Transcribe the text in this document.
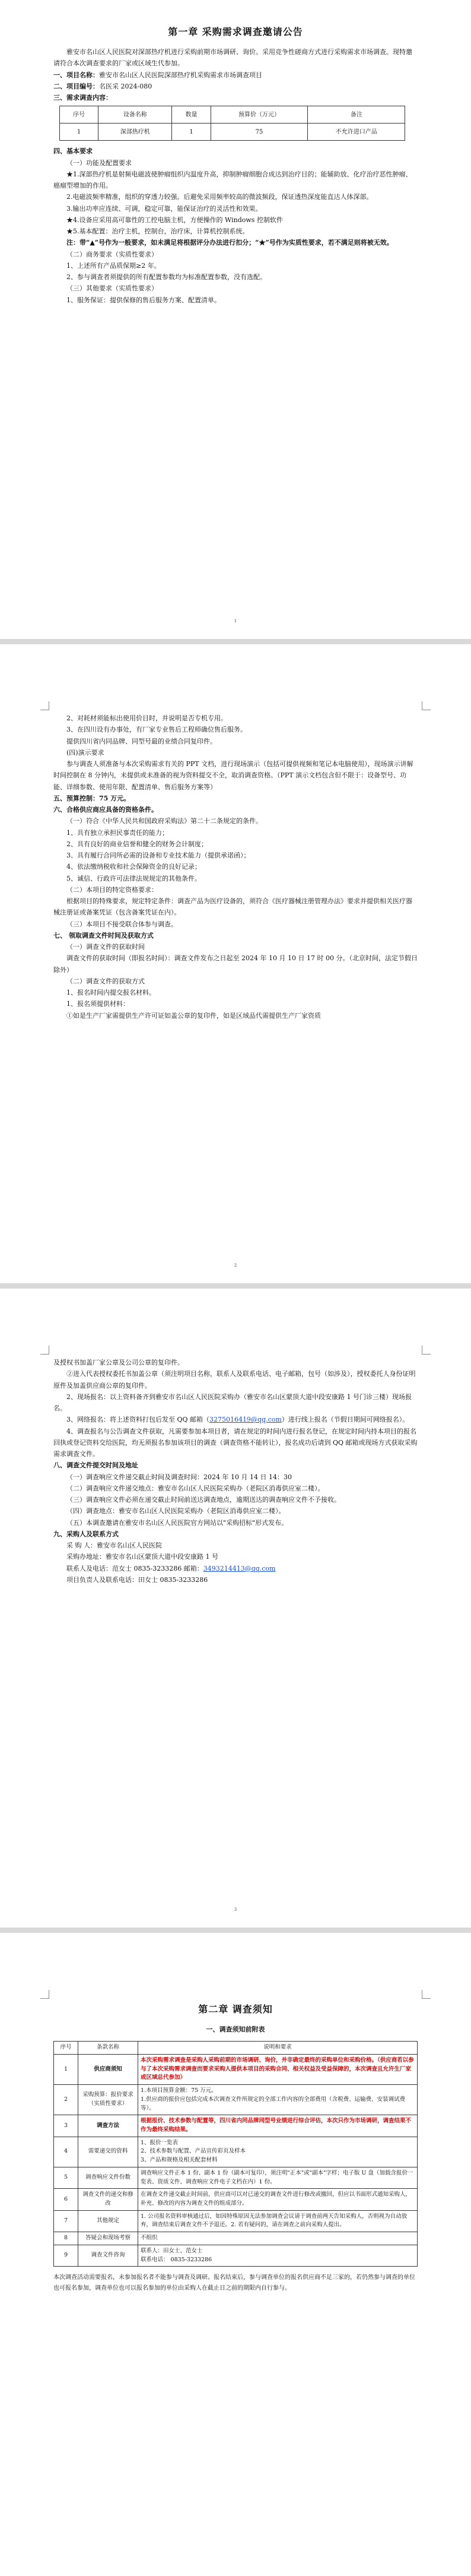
第一章 采购需求调查邀请公告

雅安市名山区人民医院对深部热疗机进行采购前期市场调研、询价。采用竞争性磋商方式进行采购需求市场调查。现特邀请符合本次调查要求的厂家或区域生代参加。

一、项目名称：雅安市名山区人民医院深部热疗机采购需求市场调查项目

二、项目编号：名医采 2024-080

三、需求调查内容：

序号	设备名称	数量	预算价（万元）	备注
1	深部热疗机	1	75	不允许进口产品

四、基本要求

（一）功能及配置要求

★1.深部热疗机是射频电磁波使肿瘤组织内温度升高，抑制肿瘤细胞合成达到治疗目的；能辅助放、化疗治疗恶性肿瘤、癌瘤型增加的作用。

2.电磁波频率精准，组织的穿透力较强。后避免采用频率较高的微波频段，保证透热深度能直达人体深部。

3.输出功率应连续、可调，稳定可靠，能保证治疗的灵活性和效果。

★4.设备应采用高可靠性的工控电脑主机，方便操作的 Windows 控制软件

★5.基本配置：治疗主机，控制台，治疗床，计算机控制系统。

注：带“▲”号作为一般要求，如未满足将根据评分办法进行扣分；“★”号作为实质性要求，若不满足则将被无效。

（二）商务要求（实质性要求）

1、上述所有产品质保期≥2 年。

2、参与调查者须提供的所有配置参数均为标准配置参数，没有选配。

（三）其他要求（实质性要求）

1、服务保证：提供保修的售后服务方案、配置清单。

1

2、对耗材须能标出使用价目时，并说明是否专机专用。

3、在四川设有办事处，有厂家专业售后工程师确位售后服务。

提供四川省内同品牌、同型号最的业绩合同复印件。

(四)演示要求

参与调查人须准备与本次采购需求有关的 PPT 文档，进行现场演示（包括可提供视频和笔记本电脑使用），现场演示讲解时间控制在 8 分钟内，未提供或未准备的视为资料提交不全，取消调查资格。（PPT 演示文档包含但不限于：设备型号、功能、详细参数、使用年限、配置清单、售后服务方案等）

五、预算控制：75 万元。

六、合格供应商应具备的资格条件。

（一）符合《中华人民共和国政府采购法》第二十二条规定的条件。

1、具有独立承担民事责任的能力；

2、具有良好的商业信誉和健全的财务会计制度；

3、具有履行合同所必需的设备和专业技术能力（提供承诺函）；

4、依法缴纳税收和社会保障资金的良好记录；

5、诚信、行政许可法律法规规定的其他条件。

（二）本项目的特定资格要求：

根据项目的特殊要求，规定特定条件：调查产品为医疗设备的，须符合《医疗器械注册管理办法》要求并提供相关医疗器械注册证或备案凭证（包含备案凭证在内）。

（三）本项目不接受联合体参与调查。

七、 领取调查文件时间及获取方式

（一）调查文件的获取时间

调查文件的获取时间（即报名时间）：调查文件发布之日起至 2024 年 10 月 10 日 17 时 00 分。（北京时间，法定节假日除外）

（二）调查文件的获取方式

1、报名时间内提交报名材料。

1、报名须提供材料：

①如是生产厂家需提供生产许可证如盖公章的复印件，如是区域品代需提供生产厂家资质

2

及授权书加盖厂家公章及公司公章的复印件。

②进入代表授权委托书加盖公章（须注明项目名称，联系人及联系电话、电子邮箱，包号（如涉及），授权委托人身份证明原件及加盖供应商公章的复印件。

2、现场报名：以上资料备齐到雅安市名山区人民医院采购办（雅安市名山区蒙顶大道中段安康路 1 号门诊三楼）现场报名。

3、网络报名：将上述资料打包后发至 QQ 邮箱（3275016419@qq.com）进行线上报名（节假日期间可网络报名）。

4、调查报名与公告调查文件获取，凡需要参加本项目者，请在规定的时间内进行报名登记，在规定时间内持本项目的报名回执或登记资料交给医院，均无须报名参加该项目的调查（调查资格不能转让），报名成功后请到 QQ 邮箱或现场方式获取采购需求调查文件。

八、调查文件提交时间及地址

（一）调查响应文件递交截止时间及调查时间：2024 年 10 月 14 日 14：30

（二）调查响应文件递交地点：雅安市名山区人民医院采购办（老院区消毒供应室二楼）。

（三）调查响应文件必须在递交截止时间前送达调查地点，逾期送达的调查响应文件不予接收。

（四）调查地点：雅安市名山区人民医院采购办（老院区消毒供应室二楼）。

（五）本调查邀请在雅安市名山区人民医院官方网站以"采购招标"形式发布。

九、采购人及联系方式

采 购 人：雅安市名山区人民医院

采购办地址：雅安市名山区蒙顶大道中段安康路 1 号

联系人及电话：范女士 0835-3233286 邮箱：3493214413@qq.com

项目负责人及联系电话：田女士 0835-3233286

3
第二章 调查须知
一、调查须知前附表
序号	条款名称	说明和要求
1	供应商须知	本次采购需求调查是采购人采购前期的市场调研、询价，并非确定最终的采购单位和采购价格。（供应商若以参与了本次采购需求调查而要求采购人提供本项目的采购合同、相关权益及受益保障的，本次调查且允许生厂家或区域总代参加）
2	采购预算：报价要求（实质性要求）	1.本项目预算金额：75 万元。
1.供应商的报价应包括完成本次调查文件所规定的全部工作内容的全部费用（含税费、运输费、安装调试费等）。

3	调查方法	根据报价、技术参数与配置等，四川省内同品牌同型号业绩进行综合评估，本次只作为市场调研，调查结果不作为最终采购结果。
4	需要递交的资料	1、报价一览表
2、技术参数与配置、产品宣传彩页及样本
3、产品和规格及相关配套材料

5	调查响应文件份数	调查响应文件正本 1 份、副本 1 份（副本可复印），须注明"正本"或"副本"字样；电子版 U 盘（加载含报价一览表、资质文件、调查响应文件电子文档在内）1 份。
6	调查文件的递交和修改	在调查文件递交截止时间前，供应商可以对已递交的调查文件进行修改或撤回，但应以书面形式通知采购人，补充、修改的内容为调查文件的组成部分。
7	其他规定	1. 公司报名资料审核通过后，如因特殊原因无法参加调查会议请于调查前两天告知采购人，否则视为自动放弃，调查结束后调查文件不予退还。2. 若有疑问的，请在调查之前向采购人提出。
8	答疑会和现场考察	不组织
9	调查文件咨询	联系人：田女士、范女士
联系电话： 0835-3233286

本次调查活动需要报名，未参加报名者不能参与调查及调研。报名结束后，参与调查单位的报名供应商不足三家的，若仍然参与调查的单位也可报名参加，调查单位也可以报名参加的单位由采购人在截止日之前的期限内自行参与。
